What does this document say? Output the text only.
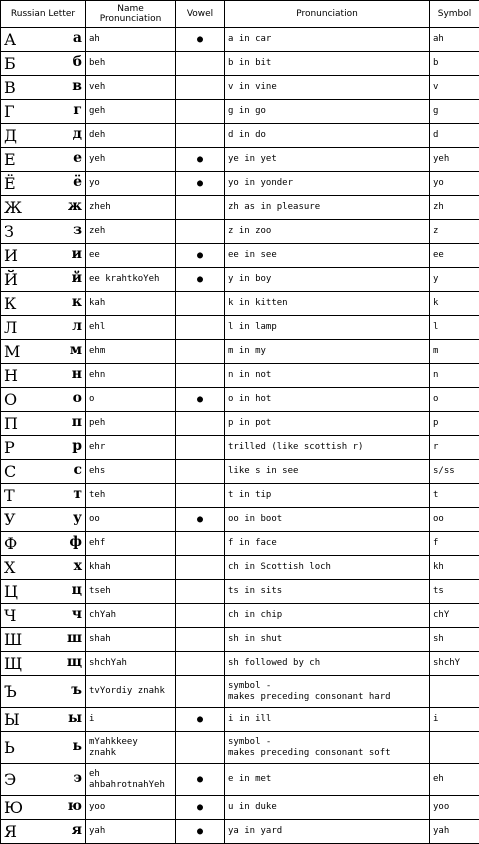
Russian Letter	Name Pronunciation	Vowel	Pronunciation	Symbol

А а	ah	●	a in car	ah

Б б	beh		b in bit	b

В в	veh		v in vine	v

Г г	geh		g in go	g

Д д	deh		d in do	d

Е е	yeh	●	ye in yet	yeh

Ё ё	yo	●	yo in yonder	yo

Ж ж	zheh		zh as in pleasure	zh

З з	zeh		z in zoo	z

И и	ee	●	ee in see	ee

Й й	ee krahtkoYeh	●	y in boy	y

К к	kah		k in kitten	k

Л л	ehl		l in lamp	l

М м	ehm		m in my	m

Н н	ehn		n in not	n

О о	o	●	o in hot	o

П п	peh		p in pot	p

Р р	ehr		trilled (like scottish r)	r

С с	ehs		like s in see	s/ss

Т т	teh		t in tip	t

У у	oo	●	oo in boot	oo

Ф ф	ehf		f in face	f

Х х	khah		ch in Scottish loch	kh

Ц ц	tseh		ts in sits	ts

Ч ч	chYah		ch in chip	chY

Ш ш	shah		sh in shut	sh

Щ щ	shchYah		sh followed by ch	shchY

Ъ ъ	tvYordiy znahk		symbol -
makes preceding consonant hard	

Ы ы	i	●	i in ill	i

Ь ь	mYahkkeey
znahk		symbol -
makes preceding consonant soft	

Э э	eh
ahbahrotnahYeh	●	e in met	eh

Ю ю	yoo	●	u in duke	yoo

Я я	yah	●	ya in yard	yah
